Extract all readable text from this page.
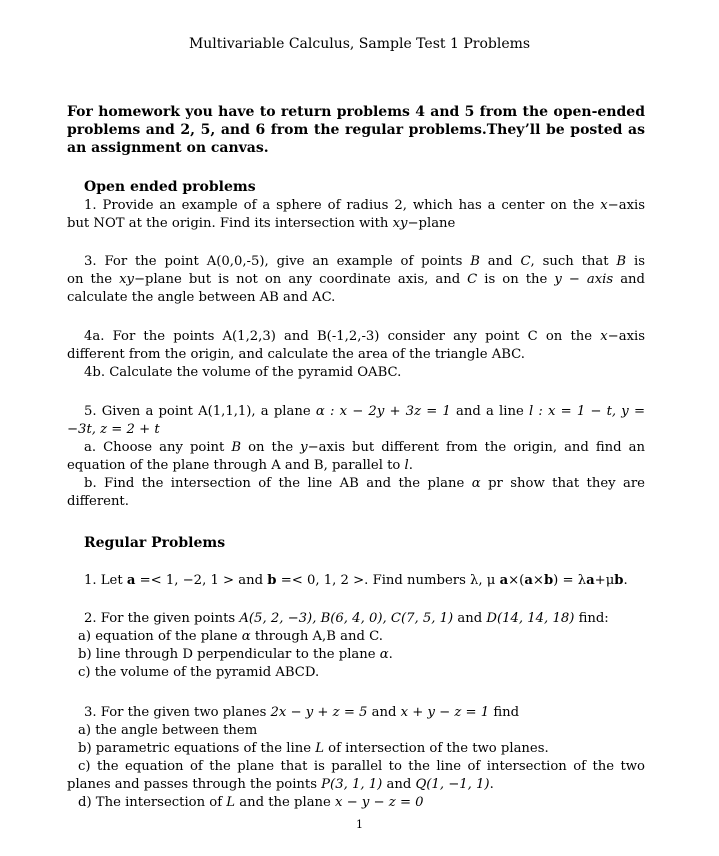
Multivariable Calculus, Sample Test 1 Problems

For homework you have to return problems 4 and 5 from the open-ended

problems and 2, 5, and 6 from the regular problems.They’ll be posted as

an assignment on canvas.

Open ended problems

1. Provide an example of a sphere of radius 2, which has a center on the x−axis

but NOT at the origin. Find its intersection with xy−plane

3. For the point A(0,0,-5), give an example of points B and C, such that B is

on the xy−plane but is not on any coordinate axis, and C is on the y − axis and

calculate the angle between AB and AC.

4a. For the points A(1,2,3) and B(-1,2,-3) consider any point C on the x−axis

different from the origin, and calculate the area of the triangle ABC.

4b. Calculate the volume of the pyramid OABC.

5. Given a point A(1,1,1), a plane α : x − 2y + 3z = 1 and a line l : x = 1 − t, y =

−3t, z = 2 + t

a. Choose any point B on the y−axis but different from the origin, and find an

equation of the plane through A and B, parallel to l.

b. Find the intersection of the line AB and the plane α pr show that they are

different.

Regular Problems

1. Let a =< 1, −2, 1 > and b =< 0, 1, 2 >. Find numbers λ, μ a×(a×b) = λa+μb.

2. For the given points A(5, 2, −3), B(6, 4, 0), C(7, 5, 1) and D(14, 14, 18) find:

a) equation of the plane α through A,B and C.

b) line through D perpendicular to the plane α.

c) the volume of the pyramid ABCD.

3. For the given two planes 2x − y + z = 5 and x + y − z = 1 find

a) the angle between them

b) parametric equations of the line L of intersection of the two planes.

c) the equation of the plane that is parallel to the line of intersection of the two

planes and passes through the points P(3, 1, 1) and Q(1, −1, 1).

d) The intersection of L and the plane x − y − z = 0

1
